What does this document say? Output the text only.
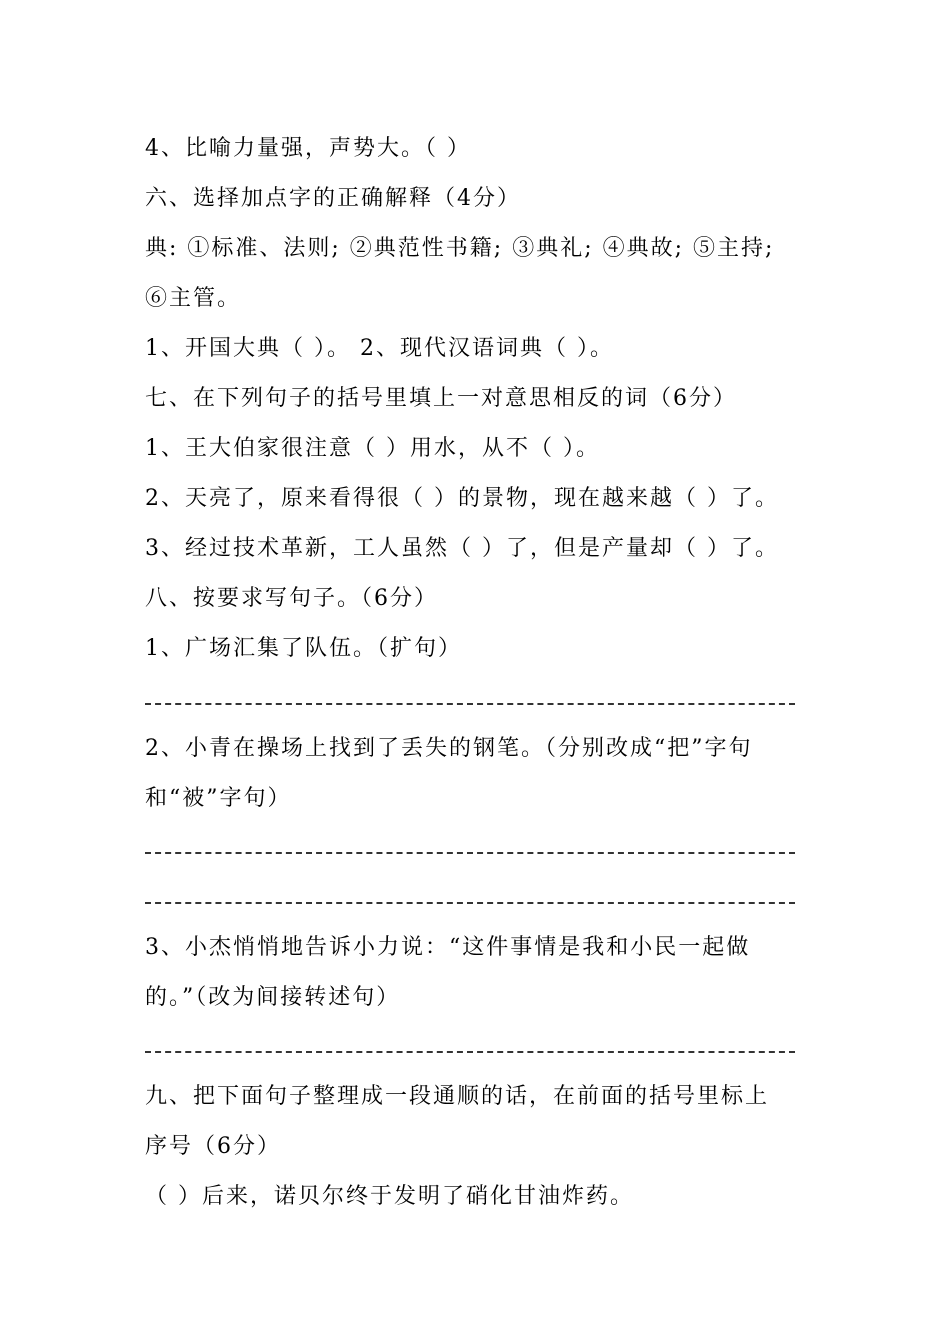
4、比喻力量强，声势大。（ ）
六、选择加点字的正确解释（4分）
典: ①标准、法则; ②典范性书籍; ③典礼; ④典故; ⑤主持;
⑥主管。
1、开国大典（ ）。 2、现代汉语词典（ ）。
七、在下列句子的括号里填上一对意思相反的词（6分）
1、王大伯家很注意（ ）用水，从不（ ）。
2、天亮了，原来看得很（ ）的景物，现在越来越（ ）了。
3、经过技术革新，工人虽然（ ）了，但是产量却（ ）了。
八、按要求写句子。（6分）
1、广场汇集了队伍。（扩句）
2、小青在操场上找到了丢失的钢笔。（分别改成“把”字句
和“被”字句）
3、小杰悄悄地告诉小力说：“这件事情是我和小民一起做
的。”（改为间接转述句）
九、把下面句子整理成一段通顺的话，在前面的括号里标上
序号（6分）
（ ）后来，诺贝尔终于发明了硝化甘油炸药。
